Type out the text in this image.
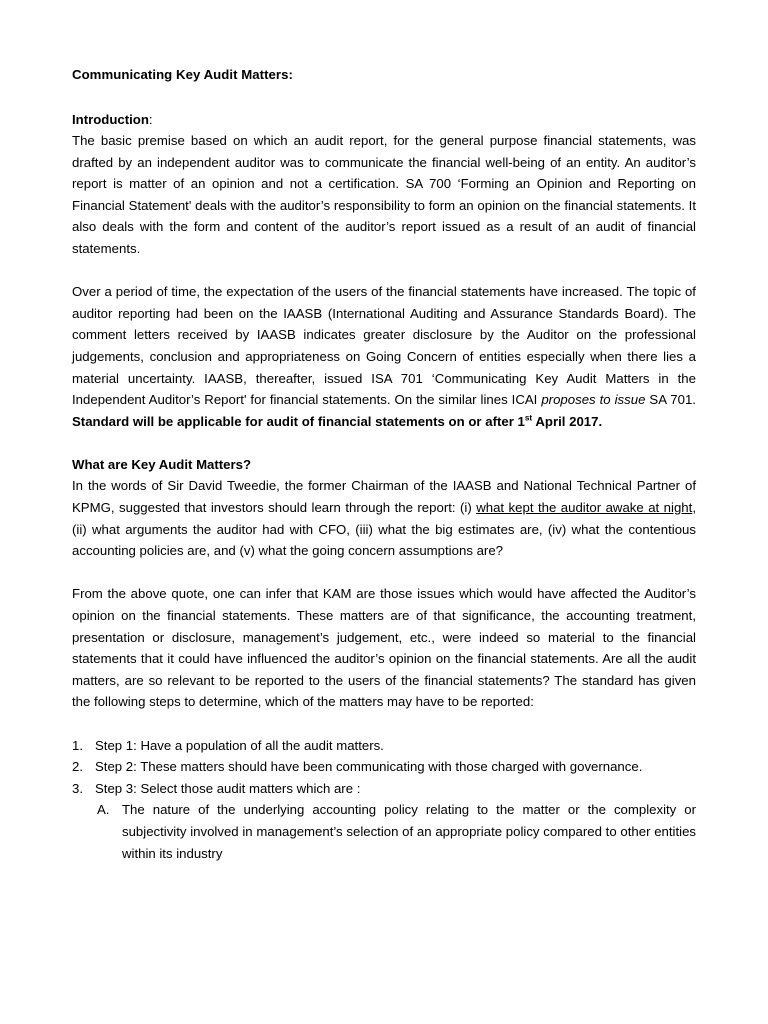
Communicating Key Audit Matters:
Introduction:

The basic premise based on which an audit report, for the general purpose financial statements, was drafted by an independent auditor was to communicate the financial well-being of an entity. An auditor’s report is matter of an opinion and not a certification. SA 700 ‘Forming an Opinion and Reporting on Financial Statement' deals with the auditor’s responsibility to form an opinion on the financial statements. It also deals with the form and content of the auditor’s report issued as a result of an audit of financial statements.

Over a period of time, the expectation of the users of the financial statements have increased. The topic of auditor reporting had been on the IAASB (International Auditing and Assurance Standards Board). The comment letters received by IAASB indicates greater disclosure by the Auditor on the professional judgements, conclusion and appropriateness on Going Concern of entities especially when there lies a material uncertainty. IAASB, thereafter, issued ISA 701 ‘Communicating Key Audit Matters in the Independent Auditor’s Report' for financial statements. On the similar lines ICAI proposes to issue SA 701. Standard will be applicable for audit of financial statements on or after 1st April 2017.

What are Key Audit Matters?

In the words of Sir David Tweedie, the former Chairman of the IAASB and National Technical Partner of KPMG, suggested that investors should learn through the report: (i) what kept the auditor awake at night, (ii) what arguments the auditor had with CFO, (iii) what the big estimates are, (iv) what the contentious accounting policies are, and (v) what the going concern assumptions are?

From the above quote, one can infer that KAM are those issues which would have affected the Auditor’s opinion on the financial statements. These matters are of that significance, the accounting treatment, presentation or disclosure, management’s judgement, etc., were indeed so material to the financial statements that it could have influenced the auditor’s opinion on the financial statements. Are all the audit matters, are so relevant to be reported to the users of the financial statements? The standard has given the following steps to determine, which of the matters may have to be reported:

1. Step 1: Have a population of all the audit matters.
2. Step 2: These matters should have been communicating with those charged with governance.
3. Step 3: Select those audit matters which are :
A. The nature of the underlying accounting policy relating to the matter or the complexity or subjectivity involved in management’s selection of an appropriate policy compared to other entities within its industry
